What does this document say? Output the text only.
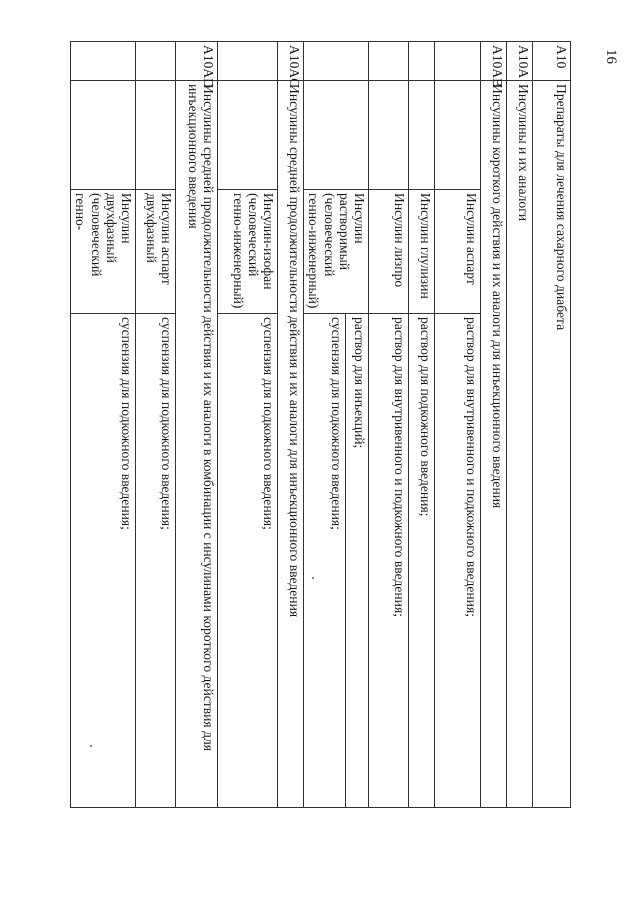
16
A10	Препараты для лечения сахарного диабета		
A10A	Инсулины и их аналоги		
A10AB	Инсулины короткого действия и их аналоги для инъекционного введения		
		Инсулин аспарт	раствор для внутривенного и подкожного введения;
		Инсулин глулизин	раствор для подкожного введения;
		Инсулин лизпро	раствор для внутривенного и подкожного введения;
		Инсулин растворимый (человеческий генно-инженерный)	раствор для инъекций;
			суспензия для подкожного введения;
A10AC	Инсулины средней продолжительности действия и их аналоги для инъекционного введения		
		Инсулин-изофан (человеческий генно-инженерный)	суспензия для подкожного введения;
A10AD	Инсулины средней продолжительности действия и их аналоги в комбинации с инсулинами короткого действия для инъекционного введения		
		Инсулин аспарт двухфазный	суспензия для подкожного введения;
		Инсулин двухфазный (человеческий генно-	суспензия для подкожного введения;
